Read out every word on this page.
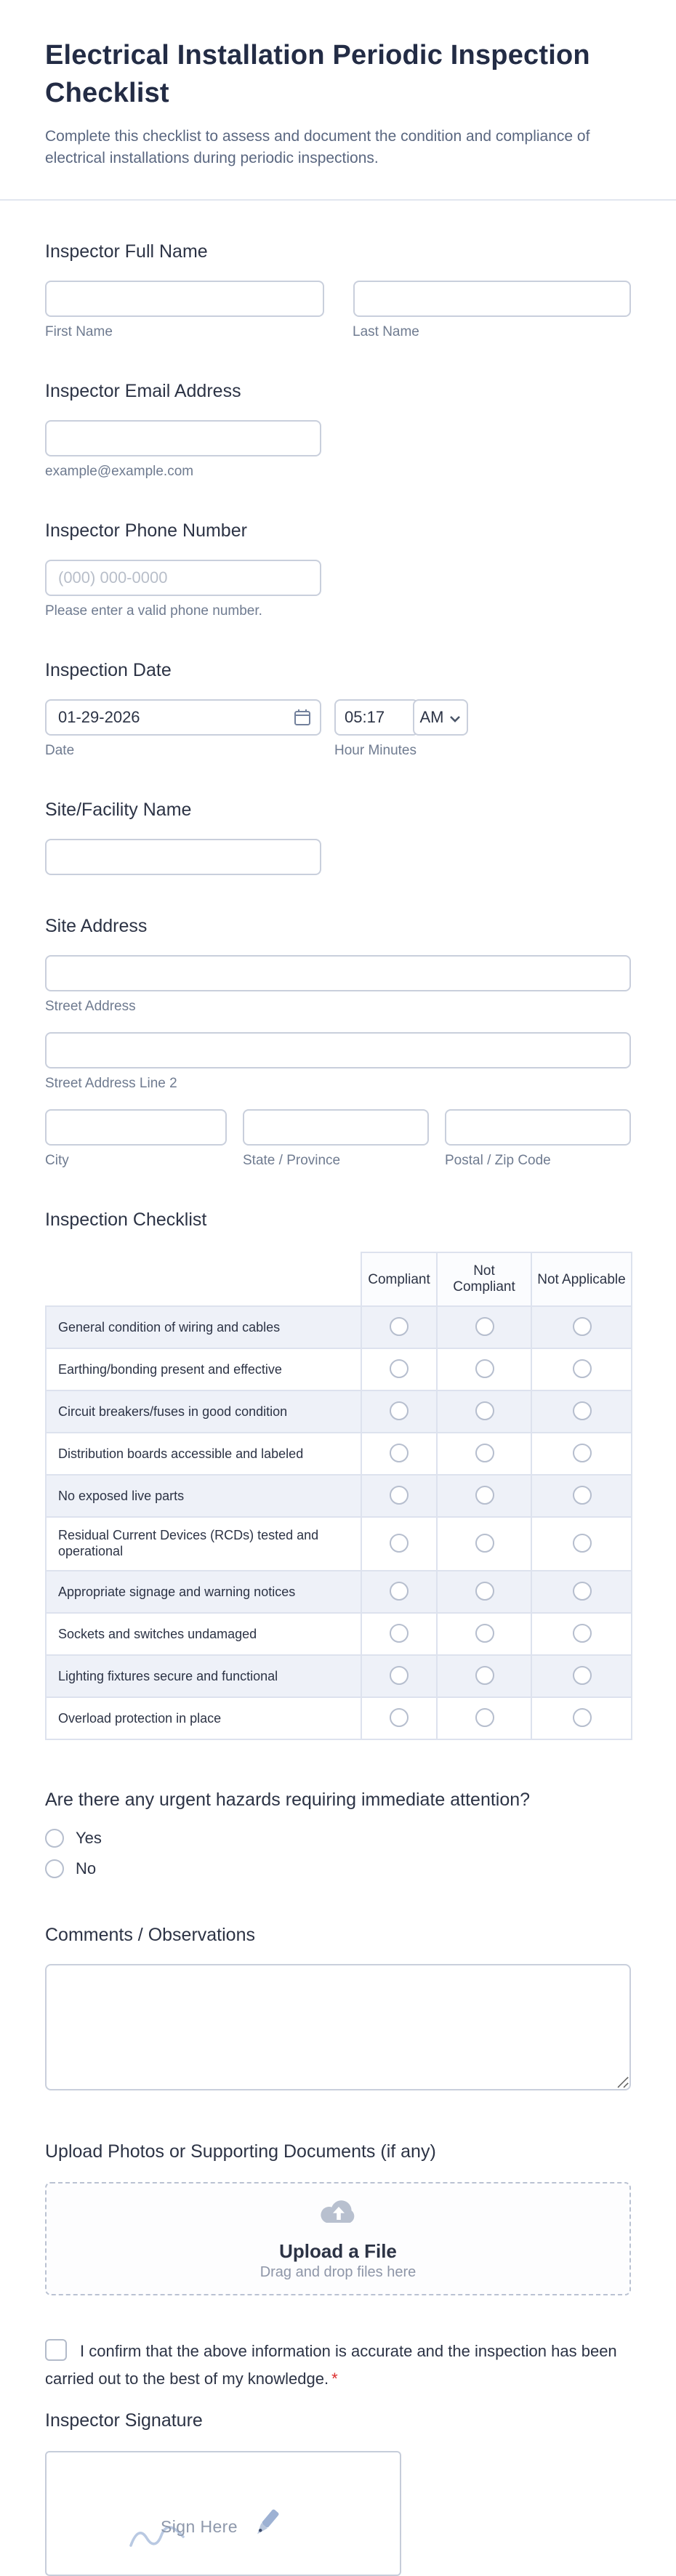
Electrical Installation Periodic Inspection Checklist
Complete this checklist to assess and document the condition and compliance of electrical installations during periodic inspections.
Inspector Full Name
First Name	Last Name
Inspector Email Address
example@example.com
Inspector Phone Number
(000) 000-0000
Please enter a valid phone number.
Inspection Date
01-29-2026
05:17
AM
Date	Hour Minutes
Site/Facility Name
Site Address
Street Address
Street Address Line 2
City	State / Province	Postal / Zip Code
Inspection Checklist
	Compliant	Not Compliant	Not Applicable
General condition of wiring and cables			
Earthing/bonding present and effective			
Circuit breakers/fuses in good condition			
Distribution boards accessible and labeled			
No exposed live parts			
Residual Current Devices (RCDs) tested and operational			
Appropriate signage and warning notices			
Sockets and switches undamaged			
Lighting fixtures secure and functional			
Overload protection in place			
Are there any urgent hazards requiring immediate attention?
Yes
No
Comments / Observations
Upload Photos or Supporting Documents (if any)
Upload a File
Drag and drop files here
I confirm that the above information is accurate and the inspection has been carried out to the best of my knowledge. *
Inspector Signature
Sign Here
